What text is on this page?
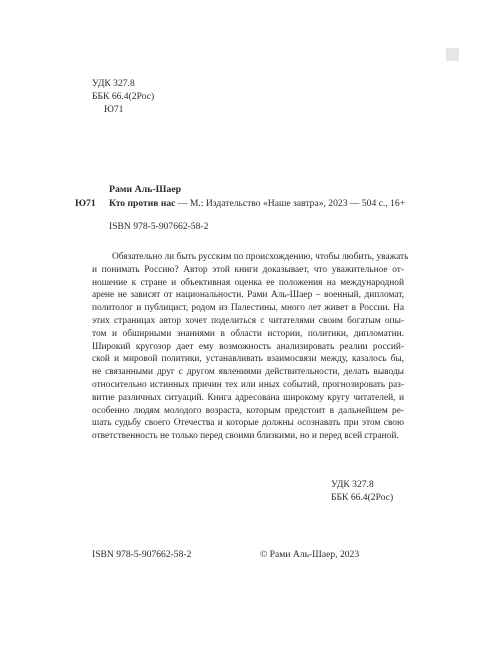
УДК 327.8
ББК 66.4(2Рос)
Ю71
Рами Аль-Шаер
Ю71 Кто против нас — М.: Издательство «Наше завтра», 2023 — 504 с., 16+
ISBN 978-5-907662-58-2

Обязательно ли быть русским по происхождению, чтобы любить, уважать

и понимать Россию? Автор этой книги доказывает, что уважительное от-

ношение к стране и объективная оценка ее положения на международной

арене не зависят от национальности. Рами Аль-Шаер – военный, дипломат,

политолог и публицист, родом из Палестины, много лет живет в России. На

этих страницах автор хочет поделиться с читателями своим богатым опы-

том и обширными знаниями в области истории, политики, дипломатии.

Широкий кругозор дает ему возможность анализировать реалии россий-

ской и мировой политики, устанавливать взаимосвязи между, казалось бы,

не связанными друг с другом явлениями действительности, делать выводы

относительно истинных причин тех или иных событий, прогнозировать раз-

витие различных ситуаций. Книга адресована широкому кругу читателей, и

особенно людям молодого возраста, которым предстоит в дальнейшем ре-

шать судьбу своего Отечества и которые должны осознавать при этом свою

ответственность не только перед своими близкими, но и перед всей страной.

УДК 327.8
ББК 66.4(2Рос)
ISBN 978-5-907662-58-2	© Рами Аль-Шаер, 2023
